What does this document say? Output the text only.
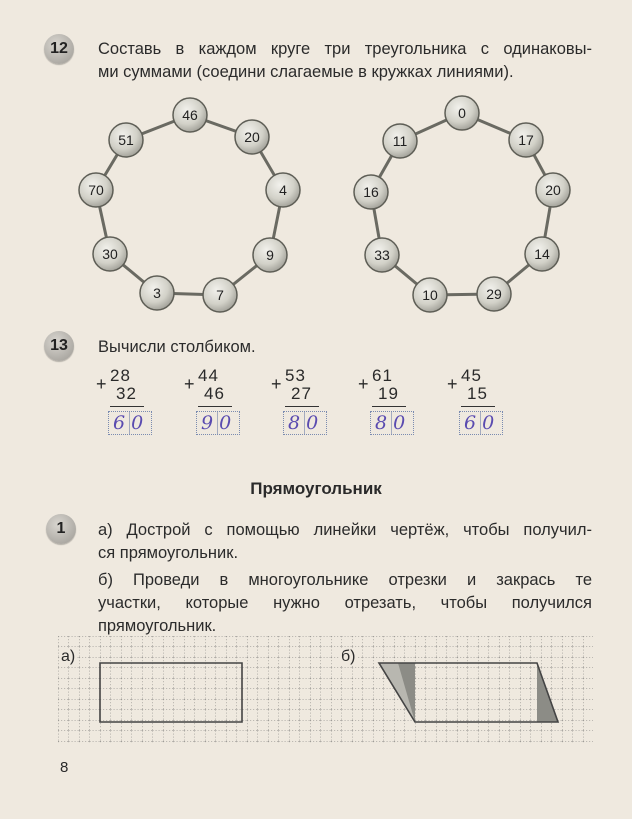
12 Составь в каждом круге три треугольника с одинаковы-
ми суммами (соедини слагаемые в кружках линиями).
46
20
4
9
7
3
30
70
51
0
17
20
14
29
10
33
16
11
13 Вычисли столбиком.
+ 28
32
60
+ 44
46
90
+ 53
27
80
+ 61
19
80
+ 45
15
60
Прямоугольник
1 а) Дострой с помощью линейки чертёж, чтобы получил-
ся прямоугольник.
б) Проведи в многоугольнике отрезки и закрась те
участки, которые нужно отрезать, чтобы получился
прямоугольник.
а)	б)
8
